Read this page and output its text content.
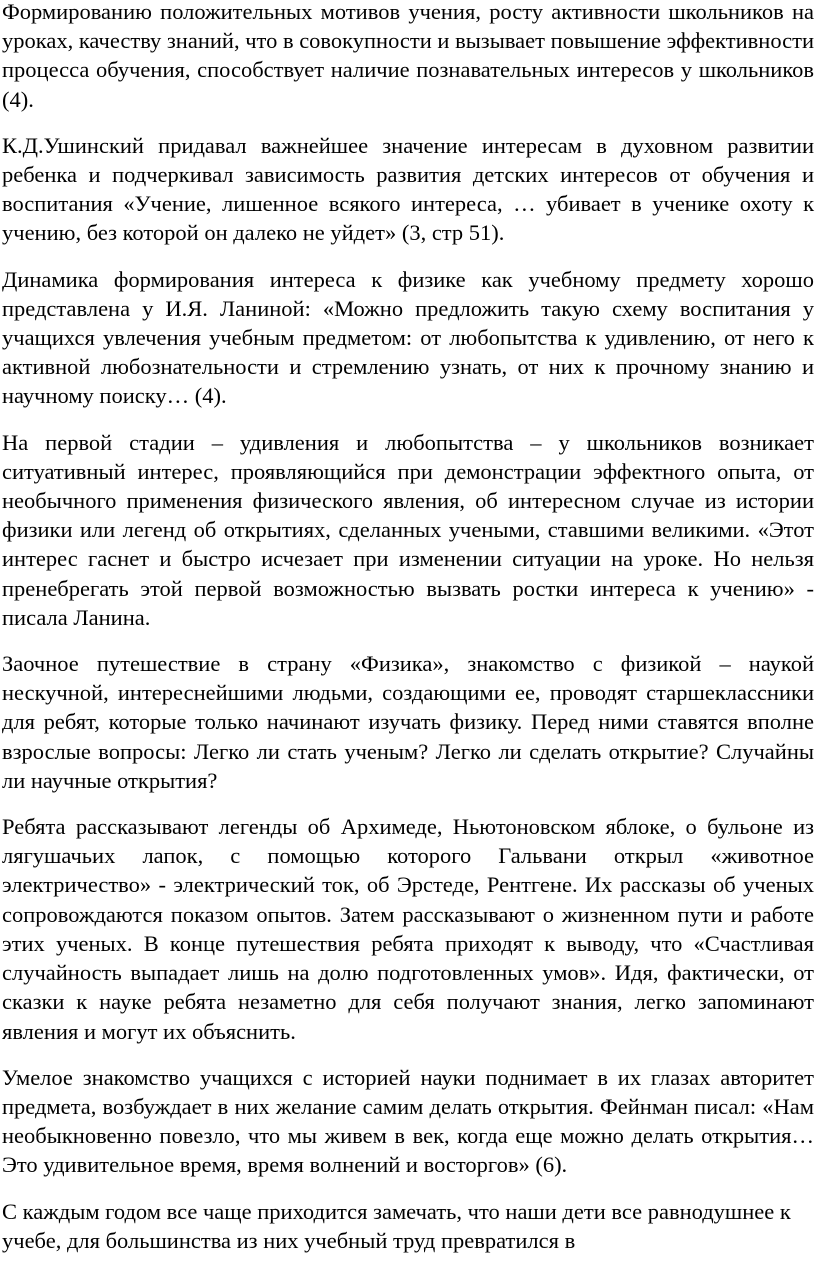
Формированию положительных мотивов учения, росту активности школьников на уроках, качеству знаний, что в совокупности и вызывает повышение эффективности процесса обучения, способствует наличие познавательных интересов у школьников (4).

К.Д.Ушинский придавал важнейшее значение интересам в духовном развитии ребенка и подчеркивал зависимость развития детских интересов от обучения и воспитания «Учение, лишенное всякого интереса, … убивает в ученике охоту к учению, без которой он далеко не уйдет» (3, стр 51).

Динамика формирования интереса к физике как учебному предмету хорошо представлена у И.Я. Ланиной: «Можно предложить такую схему воспитания у учащихся увлечения учебным предметом: от любопытства к удивлению, от него к активной любознательности и стремлению узнать, от них к прочному знанию и научному поиску… (4).

На первой стадии – удивления и любопытства – у школьников возникает ситуативный интерес, проявляющийся при демонстрации эффектного опыта, от необычного применения физического явления, об интересном случае из истории физики или легенд об открытиях, сделанных учеными, ставшими великими. «Этот интерес гаснет и быстро исчезает при изменении ситуации на уроке. Но нельзя пренебрегать этой первой возможностью вызвать ростки интереса к учению» - писала Ланина.

Заочное путешествие в страну «Физика», знакомство с физикой – наукой нескучной, интереснейшими людьми, создающими ее, проводят старшеклассники для ребят, которые только начинают изучать физику. Перед ними ставятся вполне взрослые вопросы: Легко ли стать ученым? Легко ли сделать открытие? Случайны ли научные открытия?

Ребята рассказывают легенды об Архимеде, Ньютоновском яблоке, о бульоне из лягушачьих лапок, с помощью которого Гальвани открыл «животное электричество» - электрический ток, об Эрстеде, Рентгене. Их рассказы об ученых сопровождаются показом опытов. Затем рассказывают о жизненном пути и работе этих ученых. В конце путешествия ребята приходят к выводу, что «Счастливая случайность выпадает лишь на долю подготовленных умов». Идя, фактически, от сказки к науке ребята незаметно для себя получают знания, легко запоминают явления и могут их объяснить.

Умелое знакомство учащихся с историей науки поднимает в их глазах авторитет предмета, возбуждает в них желание самим делать открытия. Фейнман писал: «Нам необыкновенно повезло, что мы живем в век, когда еще можно делать открытия… Это удивительное время, время волнений и восторгов» (6).

С каждым годом все чаще приходится замечать, что наши дети все равнодушнее к учебе, для большинства из них учебный труд превратился в
